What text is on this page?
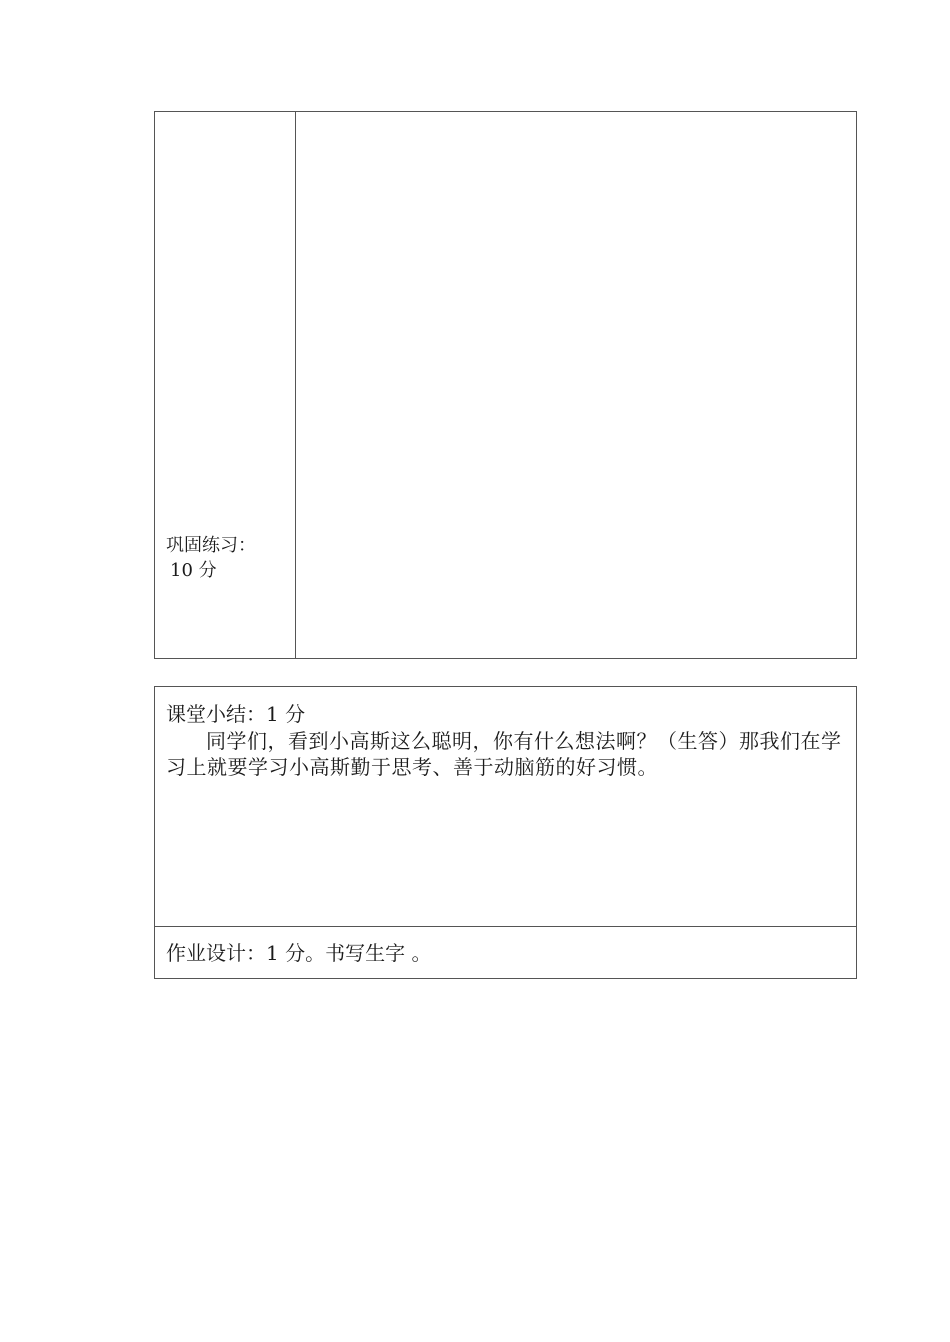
巩固练习：
10 分
课堂小结：1 分
同学们，看到小高斯这么聪明，你有什么想法啊？（生答）那我们在学习上就要学习小高斯勤于思考、善于动脑筋的好习惯。
作业设计：1 分。书写生字 。
